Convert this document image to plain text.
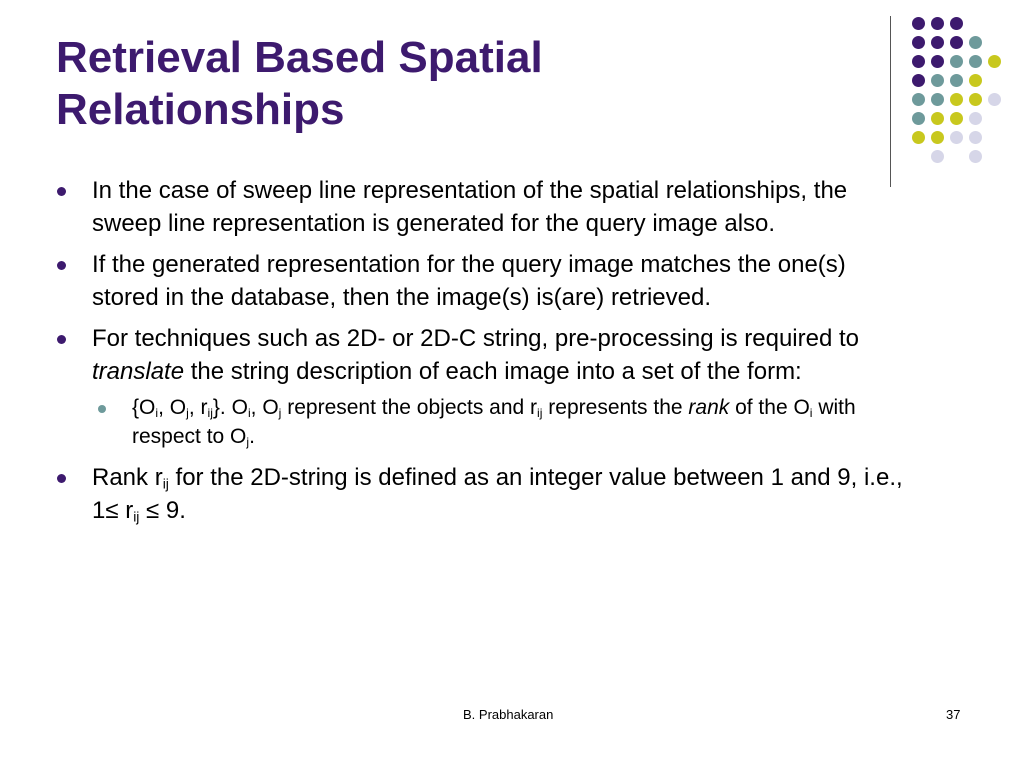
Retrieval Based Spatial
Relationships
In the case of sweep line representation of the spatial relationships, the sweep line representation is generated for the query image also.
If the generated representation for the query image matches the one(s) stored in the database, then the image(s) is(are) retrieved.
For techniques such as 2D- or 2D-C string, pre-processing is required to translate the string description of each image into a set of the form:
{$O_i$, $O_j$, $r_{ij}$}. $O_i$, $O_j$ represent the objects and $r_{ij}$ represents the rank of the $O_i$ with respect to $O_j$.
Rank $r_{ij}$ for the 2D-string is defined as an integer value between 1 and 9, i.e., $1\le r_{ij} \le 9$.
B. Prabhakaran	37
